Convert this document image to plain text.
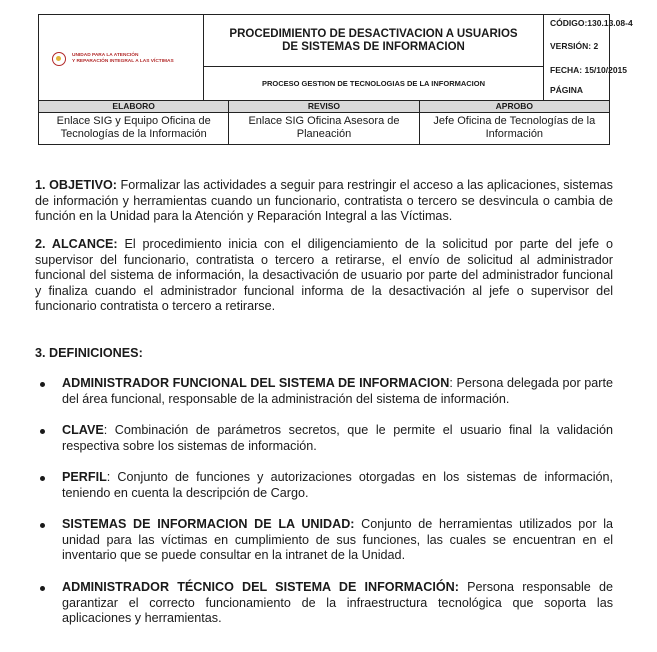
UNIDAD PARA LA ATENCIÓN
Y REPARACIÓN INTEGRAL A LAS VÍCTIMAS
PROCEDIMIENTO DE DESACTIVACION A USUARIOS
DE SISTEMAS DE INFORMACION
PROCESO GESTION DE TECNOLOGIAS DE LA INFORMACION
CÓDIGO:130.13.08-4
VERSIÓN: 2
FECHA: 15/10/2015
PÁGINA
ELABORO	REVISO	APROBO
Enlace SIG y Equipo Oficina de Tecnologías de la Información
Enlace SIG Oficina Asesora de Planeación
Jefe Oficina de Tecnologías de la Información
1. OBJETIVO: Formalizar las actividades a seguir para restringir el acceso a las aplicaciones, sistemas de información y herramientas cuando un funcionario, contratista o tercero se desvincula o cambia de función en la Unidad para la Atención y Reparación Integral a las Víctimas.
2. ALCANCE: El procedimiento inicia con el diligenciamiento de la solicitud por parte del jefe o supervisor del funcionario, contratista o tercero a retirarse, el envío de solicitud al administrador funcional del sistema de información, la desactivación de usuario por parte del administrador funcional y finaliza cuando el administrador funcional informa de la desactivación al jefe o supervisor del funcionario contratista o tercero a retirarse.
3. DEFINICIONES:
ADMINISTRADOR FUNCIONAL DEL SISTEMA DE INFORMACION: Persona delegada por parte del área funcional, responsable de la administración del sistema de información.
CLAVE: Combinación de parámetros secretos, que le permite el usuario final la validación respectiva sobre los sistemas de información.
PERFIL: Conjunto de funciones y autorizaciones otorgadas en los sistemas de información, teniendo en cuenta la descripción de Cargo.
SISTEMAS DE INFORMACION DE LA UNIDAD: Conjunto de herramientas utilizados por la unidad para las víctimas en cumplimiento de sus funciones, las cuales se encuentran en el inventario que se puede consultar en la intranet de la Unidad.
ADMINISTRADOR TÉCNICO DEL SISTEMA DE INFORMACIÓN: Persona responsable de garantizar el correcto funcionamiento de la infraestructura tecnológica que soporta las aplicaciones y herramientas.
